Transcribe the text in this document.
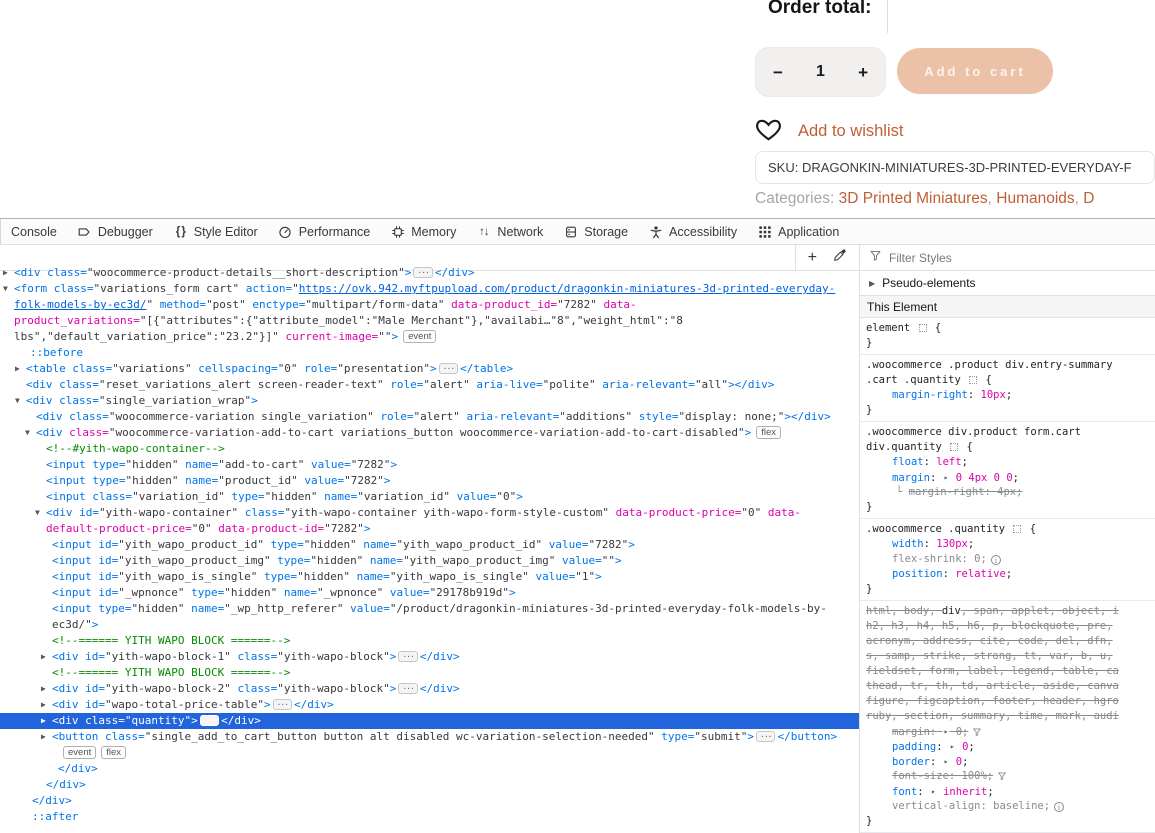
Order total:
− 1 +	Add to cart
Add to wishlist
SKU: DRAGONKIN-MINIATURES-3D-PRINTED-EVERYDAY-F
Categories: 3D Printed Miniatures, Humanoids, D
Console	Debugger { } Style Editor	Performance	Memory ↑↓ Network	Storage	Accessibility	Application
+	Filter Styles
▶ <div class="woocommerce-product-details__short-description"> ··· </div>
▼ <form class="variations_form cart" action="https://ovk.942.myftpupload.com/product/dragonkin-miniatures-3d-printed-everyday-
folk-models-by-ec3d/" method="post" enctype="multipart/form-data" data-product_id="7282" data-
product_variations="[{"attributes":{"attribute_model":"Male Merchant"},"availabi…"8","weight_html":"8
lbs","default_variation_price":"23.2"}]" current-image=""> event
::before
▶ <table class="variations" cellspacing="0" role="presentation"> ··· </table>
<div class="reset_variations_alert screen-reader-text" role="alert" aria-live="polite" aria-relevant="all"></div>
▼ <div class="single_variation_wrap">
<div class="woocommerce-variation single_variation" role="alert" aria-relevant="additions" style="display: none;"></div>
▼ <div class="woocommerce-variation-add-to-cart variations_button woocommerce-variation-add-to-cart-disabled"> flex
<!--#yith-wapo-container-->
<input type="hidden" name="add-to-cart" value="7282">
<input type="hidden" name="product_id" value="7282">
<input class="variation_id" type="hidden" name="variation_id" value="0">
▼ <div id="yith-wapo-container" class="yith-wapo-container yith-wapo-form-style-custom" data-product-price="0" data-
default-product-price="0" data-product-id="7282">
<input id="yith_wapo_product_id" type="hidden" name="yith_wapo_product_id" value="7282">
<input id="yith_wapo_product_img" type="hidden" name="yith_wapo_product_img" value="">
<input id="yith_wapo_is_single" type="hidden" name="yith_wapo_is_single" value="1">
<input id="_wpnonce" type="hidden" name="_wpnonce" value="29178b919d">
<input type="hidden" name="_wp_http_referer" value="/product/dragonkin-miniatures-3d-printed-everyday-folk-models-by-
ec3d/">
<!--====== YITH WAPO BLOCK ======-->
▶ <div id="yith-wapo-block-1" class="yith-wapo-block"> ··· </div>
<!--====== YITH WAPO BLOCK ======-->
▶ <div id="yith-wapo-block-2" class="yith-wapo-block"> ··· </div>
▶ <div id="wapo-total-price-table"> ··· </div>
▶ <div class="quantity"> ··· </div>
▶ <button class="single_add_to_cart_button button alt disabled wc-variation-selection-needed" type="submit"> ··· </button>
event flex
</div>
</div>
</div>
::after
▶ Pseudo-elements
This Element
element  {
}
.woocommerce .product div.entry-summary
.cart .quantity  {
margin-right: 10px;
}
.woocommerce div.product form.cart
div.quantity  {
float: left;
margin: ▸ 0 4px 0 0;
└ margin-right: 4px;
}
.woocommerce .quantity  {
width: 130px;
flex-shrink: 0; i
position: relative;
}
html, body, div, span, applet, object, i
h2, h3, h4, h5, h6, p, blockquote, pre,
acronym, address, cite, code, del, dfn,
s, samp, strike, strong, tt, var, b, u,
fieldset, form, label, legend, table, ca
thead, tr, th, td, article, aside, canva
figure, figcaption, footer, header, hgro
ruby, section, summary, time, mark, audi
margin: ▸ 0;
padding: ▸ 0;
border: ▸ 0;
font-size: 100%;
font: ▸ inherit;
vertical-align: baseline; i
}
